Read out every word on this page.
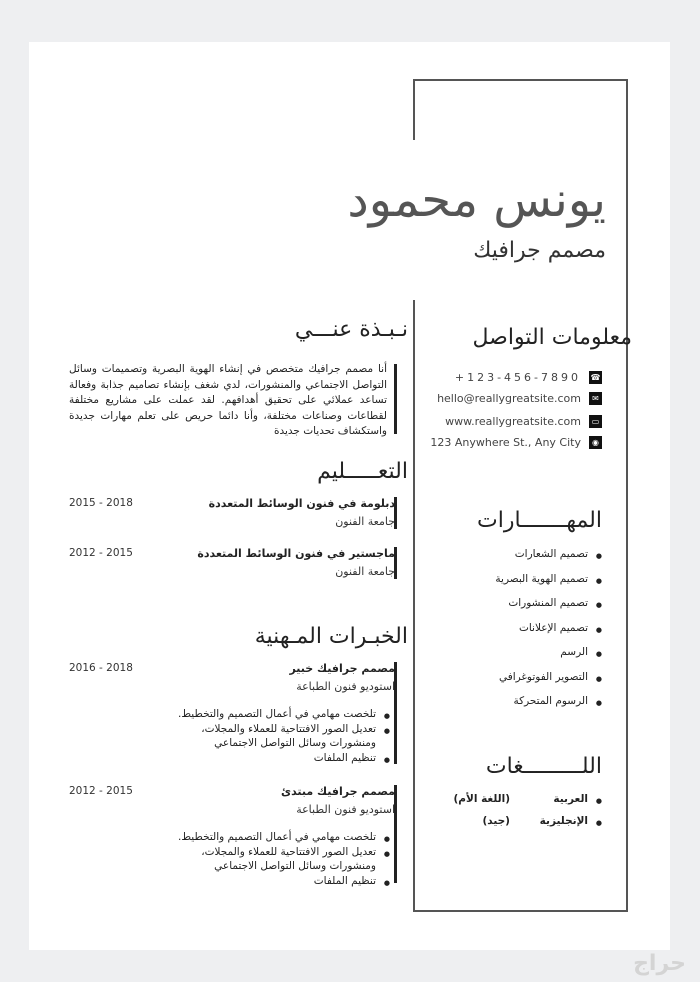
يونس محمود
مصمم جرافيك
معلومات التواصل
+123-456-7890 ☎
hello@reallygreatsite.com	✉
www.reallygreatsite.com	▭
123 Anywhere St., Any City	◉
المهـــــــارات
● تصميم الشعارات
● تصميم الهوية البصرية
● تصميم المنشورات
● تصميم الإعلانات
● الرسم
● التصوير الفوتوغرافي
● الرسوم المتحركة
اللـــــــــغات
● العربية
(اللغة الأم)
● الإنجليزية
(جيد)
نـبـذة عنـــي
أنا مصمم جرافيك متخصص في إنشاء الهوية البصرية وتصميمات وسائل التواصل الاجتماعي والمنشورات، لدي شغف بإنشاء تصاميم جذابة وفعالة تساعد عملائي على تحقيق أهدافهم. لقد عملت على مشاريع مختلفة لقطاعات وصناعات مختلفة، وأنا دائما حريص على تعلم مهارات جديدة واستكشاف تحديات جديدة
التعـــــليم
دبلومة في فنون الوسائط المتعددة
جامعة الفنون
2015 - 2018
ماجستير في فنون الوسائط المتعددة
جامعة الفنون
2012 - 2015
الخبـرات المـهنية
مصمم جرافيك خبير
استوديو فنون الطباعة
2016 - 2018
● تلخصت مهامي في أعمال التصميم والتخطيط.
● تعديل الصور الافتتاحية للعملاء والمجلات، ومنشورات وسائل التواصل الاجتماعي
● تنظيم الملفات
مصمم جرافيك مبتدئ
استوديو فنون الطباعة
2012 - 2015
● تلخصت مهامي في أعمال التصميم والتخطيط.
● تعديل الصور الافتتاحية للعملاء والمجلات، ومنشورات وسائل التواصل الاجتماعي
● تنظيم الملفات
حراج
